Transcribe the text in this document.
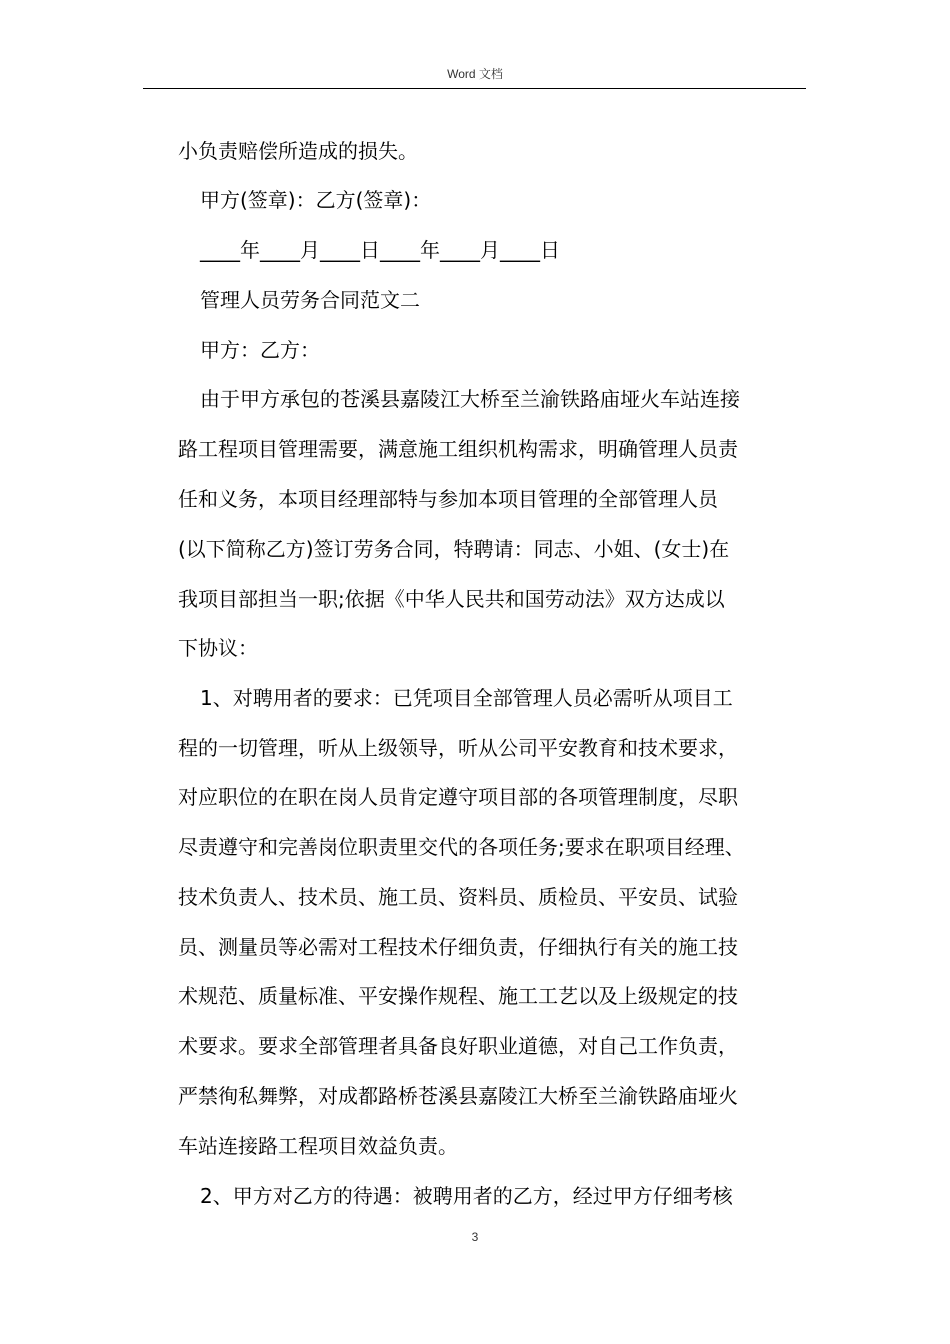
Word 文档
小负责赔偿所造成的损失。
甲方(签章)：乙方(签章)：
____年____月____日____年____月____日
管理人员劳务合同范文二
甲方：乙方：
由于甲方承包的苍溪县嘉陵江大桥至兰渝铁路庙垭火车站连接
路工程项目管理需要，满意施工组织机构需求，明确管理人员责
任和义务，本项目经理部特与参加本项目管理的全部管理人员
(以下简称乙方)签订劳务合同，特聘请：同志、小姐、(女士)在
我项目部担当一职;依据《中华人民共和国劳动法》双方达成以
下协议：
1、对聘用者的要求：已凭项目全部管理人员必需听从项目工
程的一切管理，听从上级领导，听从公司平安教育和技术要求，
对应职位的在职在岗人员肯定遵守项目部的各项管理制度，尽职
尽责遵守和完善岗位职责里交代的各项任务;要求在职项目经理、
技术负责人、技术员、施工员、资料员、质检员、平安员、试验
员、测量员等必需对工程技术仔细负责，仔细执行有关的施工技
术规范、质量标准、平安操作规程、施工工艺以及上级规定的技
术要求。要求全部管理者具备良好职业道德，对自己工作负责，
严禁徇私舞弊，对成都路桥苍溪县嘉陵江大桥至兰渝铁路庙垭火
车站连接路工程项目效益负责。
2、甲方对乙方的待遇：被聘用者的乙方，经过甲方仔细考核
3
